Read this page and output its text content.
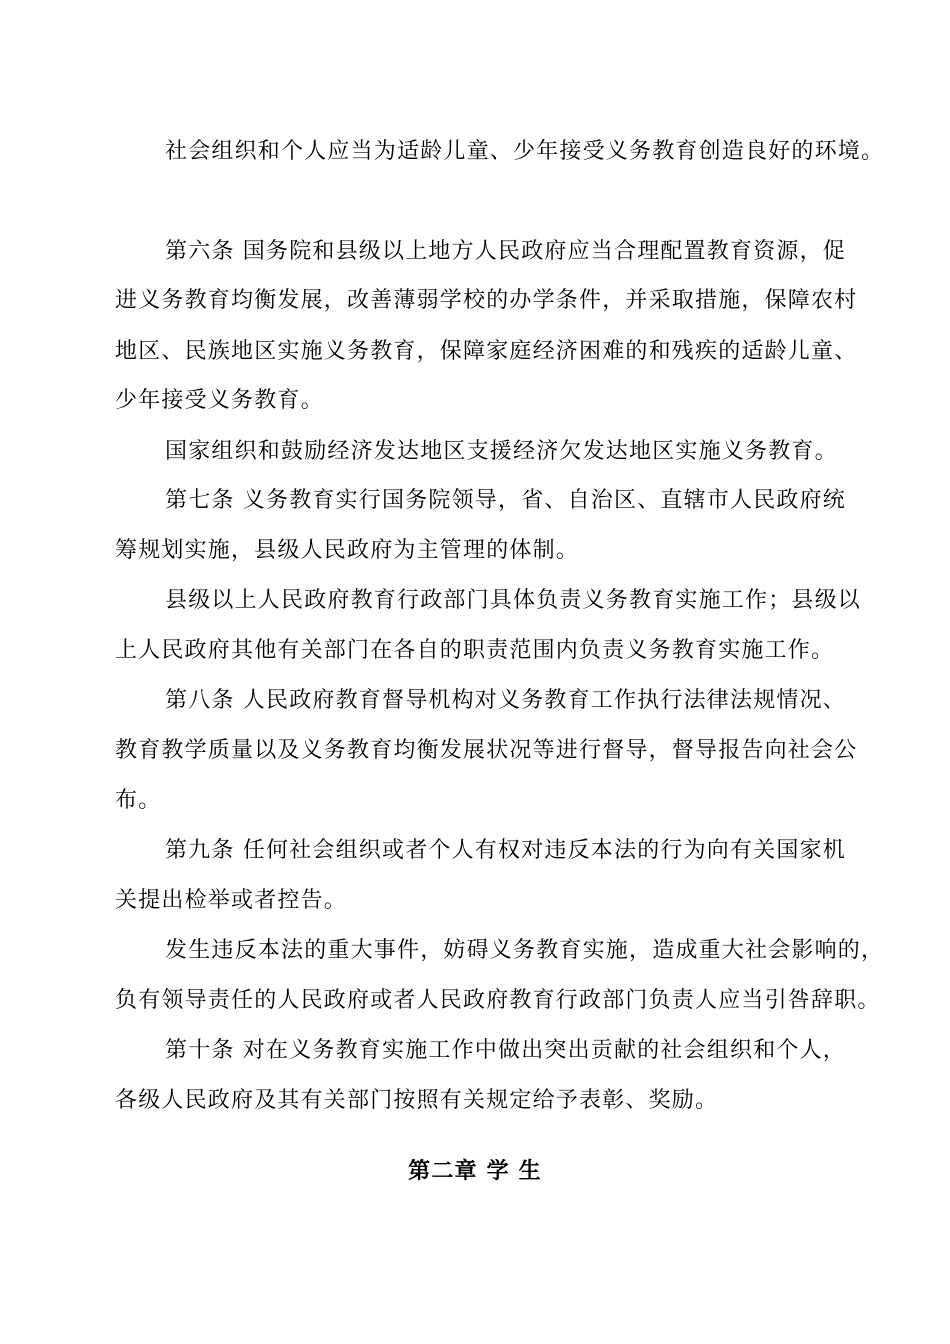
社会组织和个人应当为适龄儿童、少年接受义务教育创造良好的环境。

第六条 国务院和县级以上地方人民政府应当合理配置教育资源，促

进义务教育均衡发展，改善薄弱学校的办学条件，并采取措施，保障农村

地区、民族地区实施义务教育，保障家庭经济困难的和残疾的适龄儿童、

少年接受义务教育。

国家组织和鼓励经济发达地区支援经济欠发达地区实施义务教育。

第七条 义务教育实行国务院领导，省、自治区、直辖市人民政府统

筹规划实施，县级人民政府为主管理的体制。

县级以上人民政府教育行政部门具体负责义务教育实施工作；县级以

上人民政府其他有关部门在各自的职责范围内负责义务教育实施工作。

第八条 人民政府教育督导机构对义务教育工作执行法律法规情况、

教育教学质量以及义务教育均衡发展状况等进行督导，督导报告向社会公

布。

第九条 任何社会组织或者个人有权对违反本法的行为向有关国家机

关提出检举或者控告。

发生违反本法的重大事件，妨碍义务教育实施，造成重大社会影响的，

负有领导责任的人民政府或者人民政府教育行政部门负责人应当引咎辞职。

第十条 对在义务教育实施工作中做出突出贡献的社会组织和个人，

各级人民政府及其有关部门按照有关规定给予表彰、奖励。

第二章 学 生
